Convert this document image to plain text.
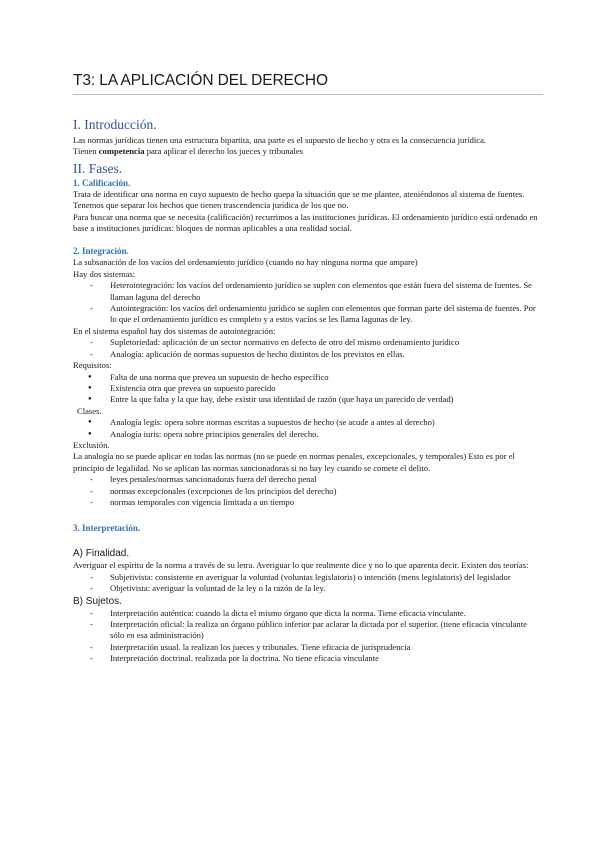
T3: LA APLICACIÓN DEL DERECHO
I. Introducción.

Las normas jurídicas tienen una estructura bipartita, una parte es el supuesto de hecho y otra es la consecuencia jurídica.

Tienen competencia para aplicar el derecho los jueces y tribunales

II. Fases.
1. Calificación.

Trata de identificar una norma en cuyo supuesto de hecho quepa la situación que se me plantee, ateniéndonos al sistema de fuentes. Tenemos que separar los hechos que tienen trascendencia jurídica de los que no.

Para buscar una norma que se necesita (calificación) recurrimos a las instituciones jurídicas. El ordenamiento jurídico está ordenado en base a instituciones jurídicas: bloques de normas aplicables a una realidad social.

2. Integración.

La subsanación de los vacíos del ordenamiento jurídico (cuando no hay ninguna norma que ampare)

Hay dos sistemas:

- Heterointegración: los vacíos del ordenamiento jurídico se suplen con elementos que están fuera del sistema de fuentes. Se llaman laguna del derecho
- Autointegración: los vacíos del ordenamiento jurídico se suplen con elementos que forman parte del sistema de fuentes. Por lo que el ordenamiento jurídico es completo y a estos vacíos se les llama lagunas de ley.

En el sistema español hay dos sistemas de autointegración:

- Supletoriedad: aplicación de un sector normativo en defecto de otro del mismo ordenamiento jurídico
- Analogía: aplicación de normas supuestos de hecho distintos de los previstos en ellas.

Requisitos:

● Falta de una norma que prevea un supuesto de hecho específico
● Existencia otra que prevea un supuesto parecido
● Entre la que falta y la que hay, debe existir una identidad de razón (que haya un parecido de verdad)

Clases.

● Analogía legis: opera sobre normas escritas a supuestos de hecho (se acude a antes al derecho)
● Analogía iuris: opera sobre principios generales del derecho.

Exclusión.

La analogía no se puede aplicar en todas las normas (no se puede en normas penales, excepcionales, y temporales) Esto es por el principio de legalidad. No se aplican las normas sancionadoras si no hay ley cuando se comete el delito.

- leyes penales/normas sancionadoras fuera del derecho penal
- normas excepcionales (excepciones de los principios del derecho)
- normas temporales con vigencia limitada a un tiempo
3. Interpretación.

A) Finalidad.

Averiguar el espíritu de la norma a través de su letra. Averiguar lo que realmente dice y no lo que aparenta decir. Existen dos teorías:

- Subjetivista: consistente en averiguar la voluntad (voluntas legislatoris) o intención (mens legislatoris) del legislador
- Objetivista: averiguar la voluntad de la ley o la razón de la ley.

B) Sujetos.

- Interpretación auténtica: cuando la dicta el mismo órgano que dicta la norma. Tiene eficacia vinculante.
- Interpretación oficial: la realiza un órgano público inferior par aclarar la dictada por el superior. (tiene eficacia vinculante sólo en esa administración)
- Interpretación usual. la realizan los jueces y tribunales. Tiene eficacia de jurisprudencia
- Interpretación doctrinal. realizada por la doctrina. No tiene eficacia vinculante
